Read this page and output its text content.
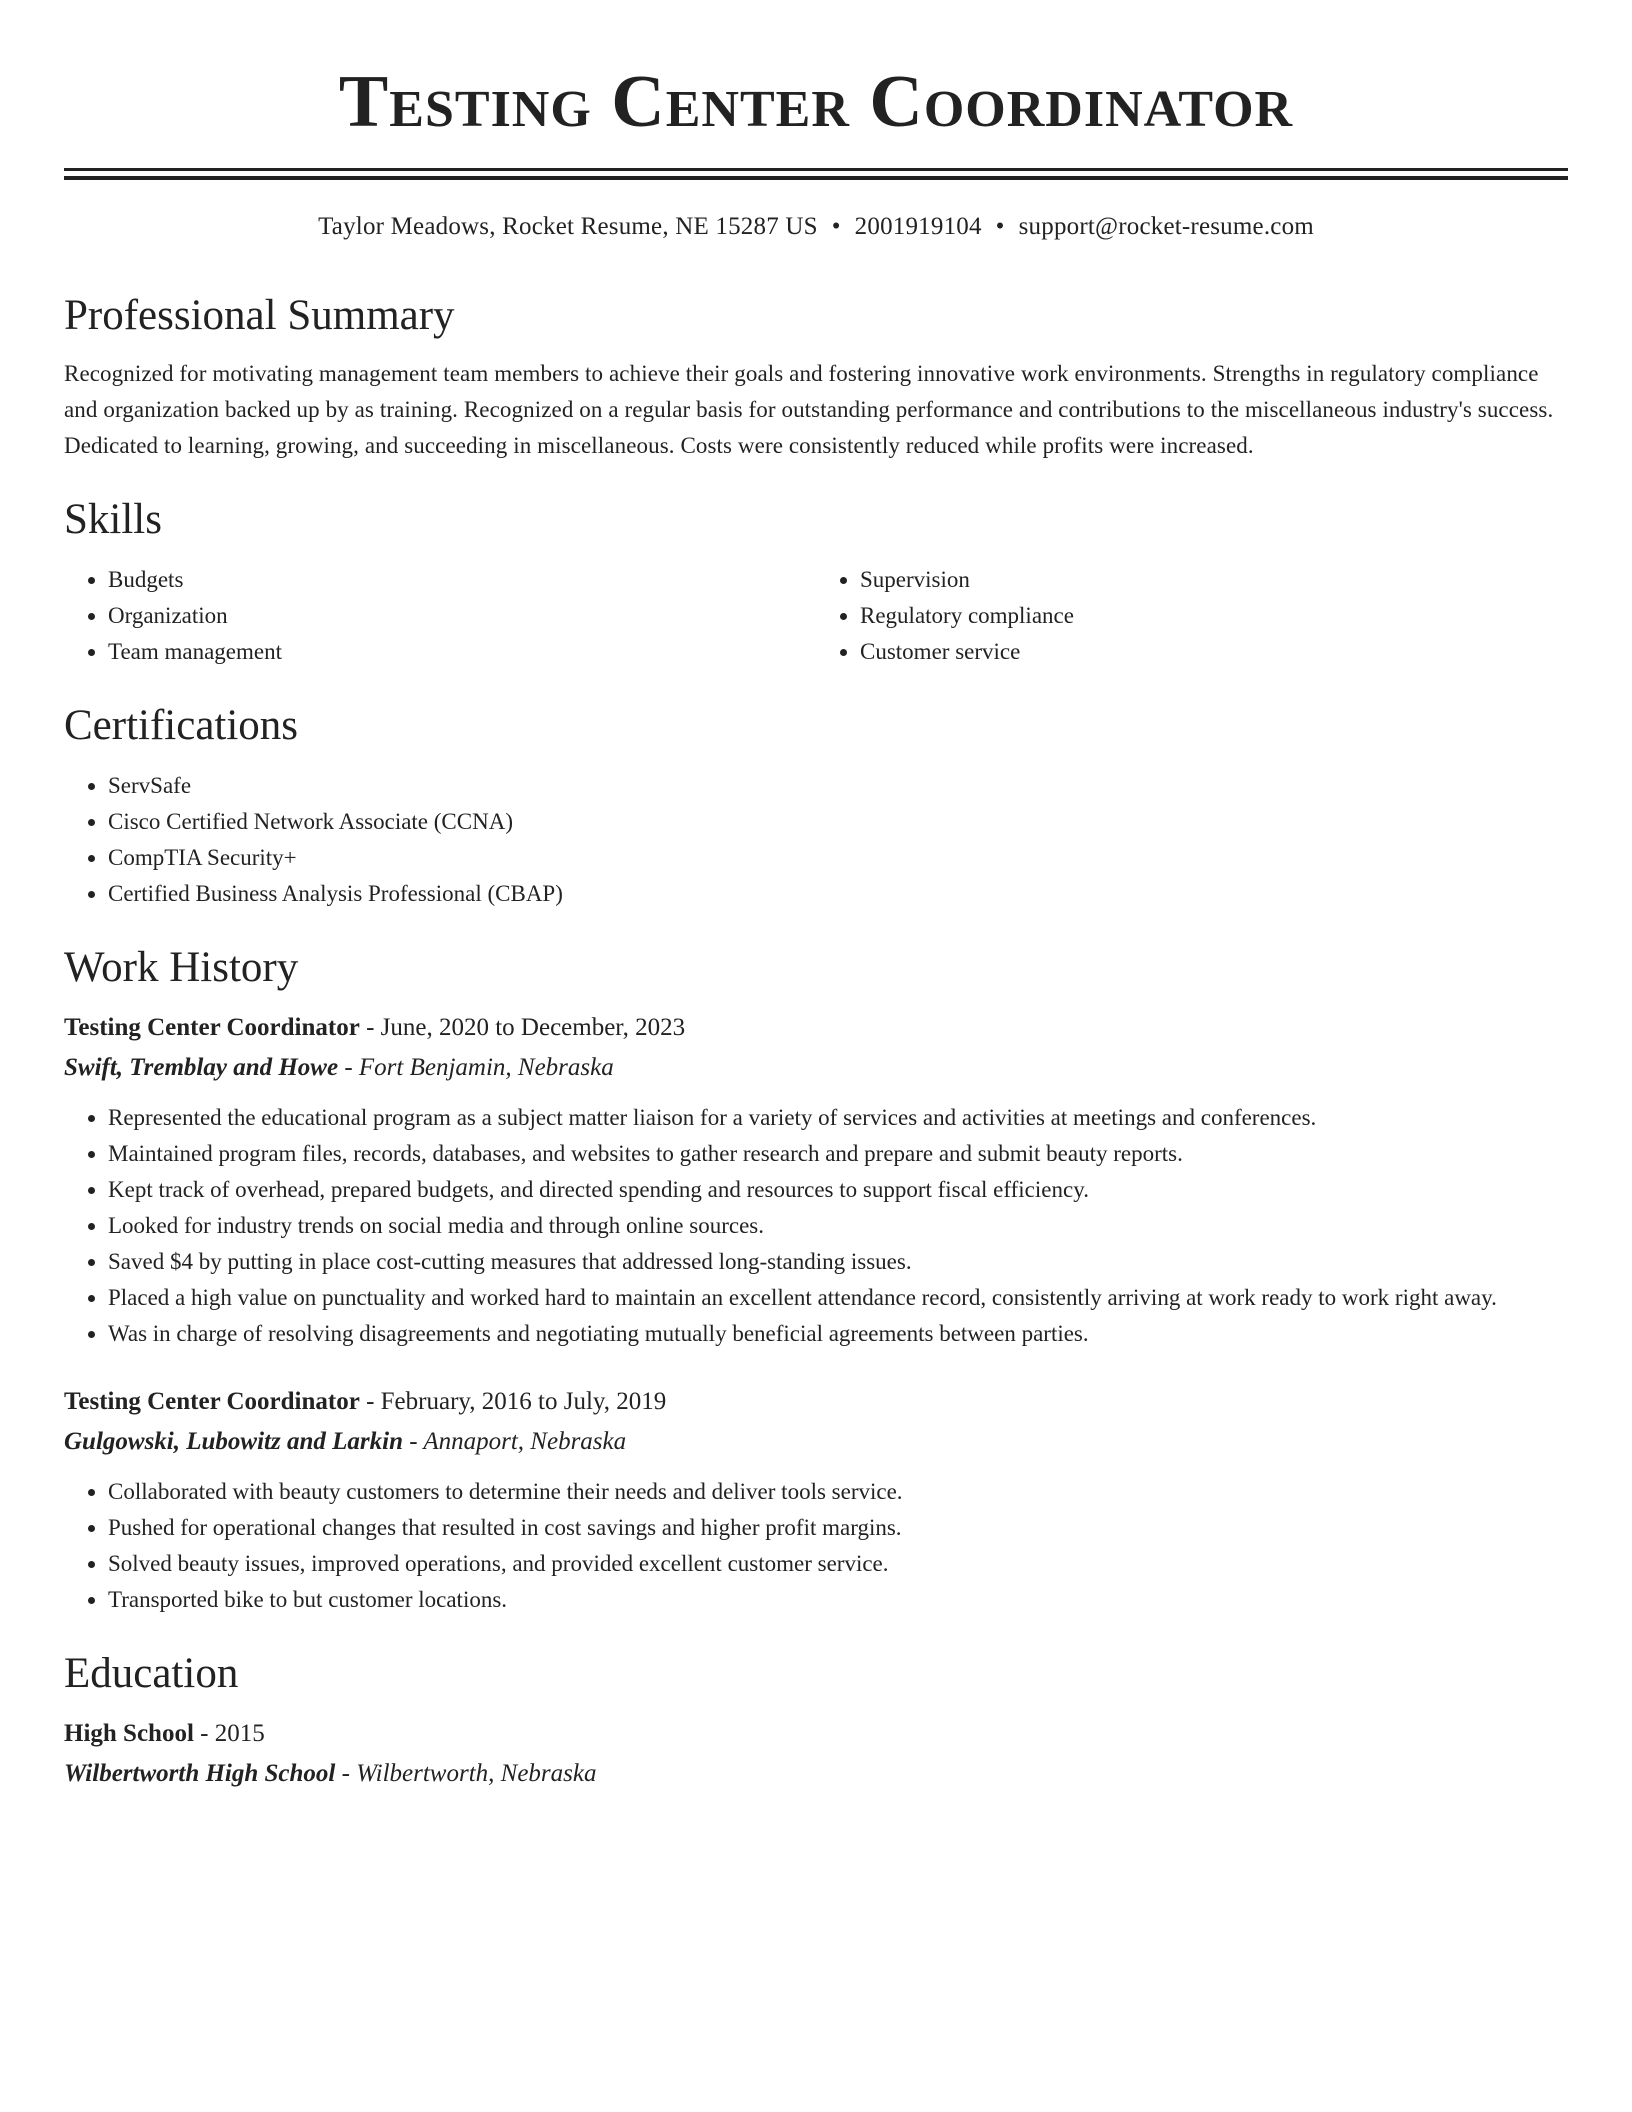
Testing Center Coordinator
Taylor Meadows, Rocket Resume, NE 15287 US • 2001919104 • support@rocket-resume.com
Professional Summary

Recognized for motivating management team members to achieve their goals and fostering innovative work environments. Strengths in regulatory compliance and organization backed up by as training. Recognized on a regular basis for outstanding performance and contributions to the miscellaneous industry's success. Dedicated to learning, growing, and succeeding in miscellaneous. Costs were consistently reduced while profits were increased.

Skills
• Budgets
• Organization
• Team management
• Supervision
• Regulatory compliance
• Customer service
Certifications
• ServSafe
• Cisco Certified Network Associate (CCNA)
• CompTIA Security+
• Certified Business Analysis Professional (CBAP)
Work History
Testing Center Coordinator - June, 2020 to December, 2023
Swift, Tremblay and Howe - Fort Benjamin, Nebraska
• Represented the educational program as a subject matter liaison for a variety of services and activities at meetings and conferences.
• Maintained program files, records, databases, and websites to gather research and prepare and submit beauty reports.
• Kept track of overhead, prepared budgets, and directed spending and resources to support fiscal efficiency.
• Looked for industry trends on social media and through online sources.
• Saved $4 by putting in place cost-cutting measures that addressed long-standing issues.
• Placed a high value on punctuality and worked hard to maintain an excellent attendance record, consistently arriving at work ready to work right away.
• Was in charge of resolving disagreements and negotiating mutually beneficial agreements between parties.
Testing Center Coordinator - February, 2016 to July, 2019
Gulgowski, Lubowitz and Larkin - Annaport, Nebraska
• Collaborated with beauty customers to determine their needs and deliver tools service.
• Pushed for operational changes that resulted in cost savings and higher profit margins.
• Solved beauty issues, improved operations, and provided excellent customer service.
• Transported bike to but customer locations.
Education
High School - 2015
Wilbertworth High School - Wilbertworth, Nebraska
